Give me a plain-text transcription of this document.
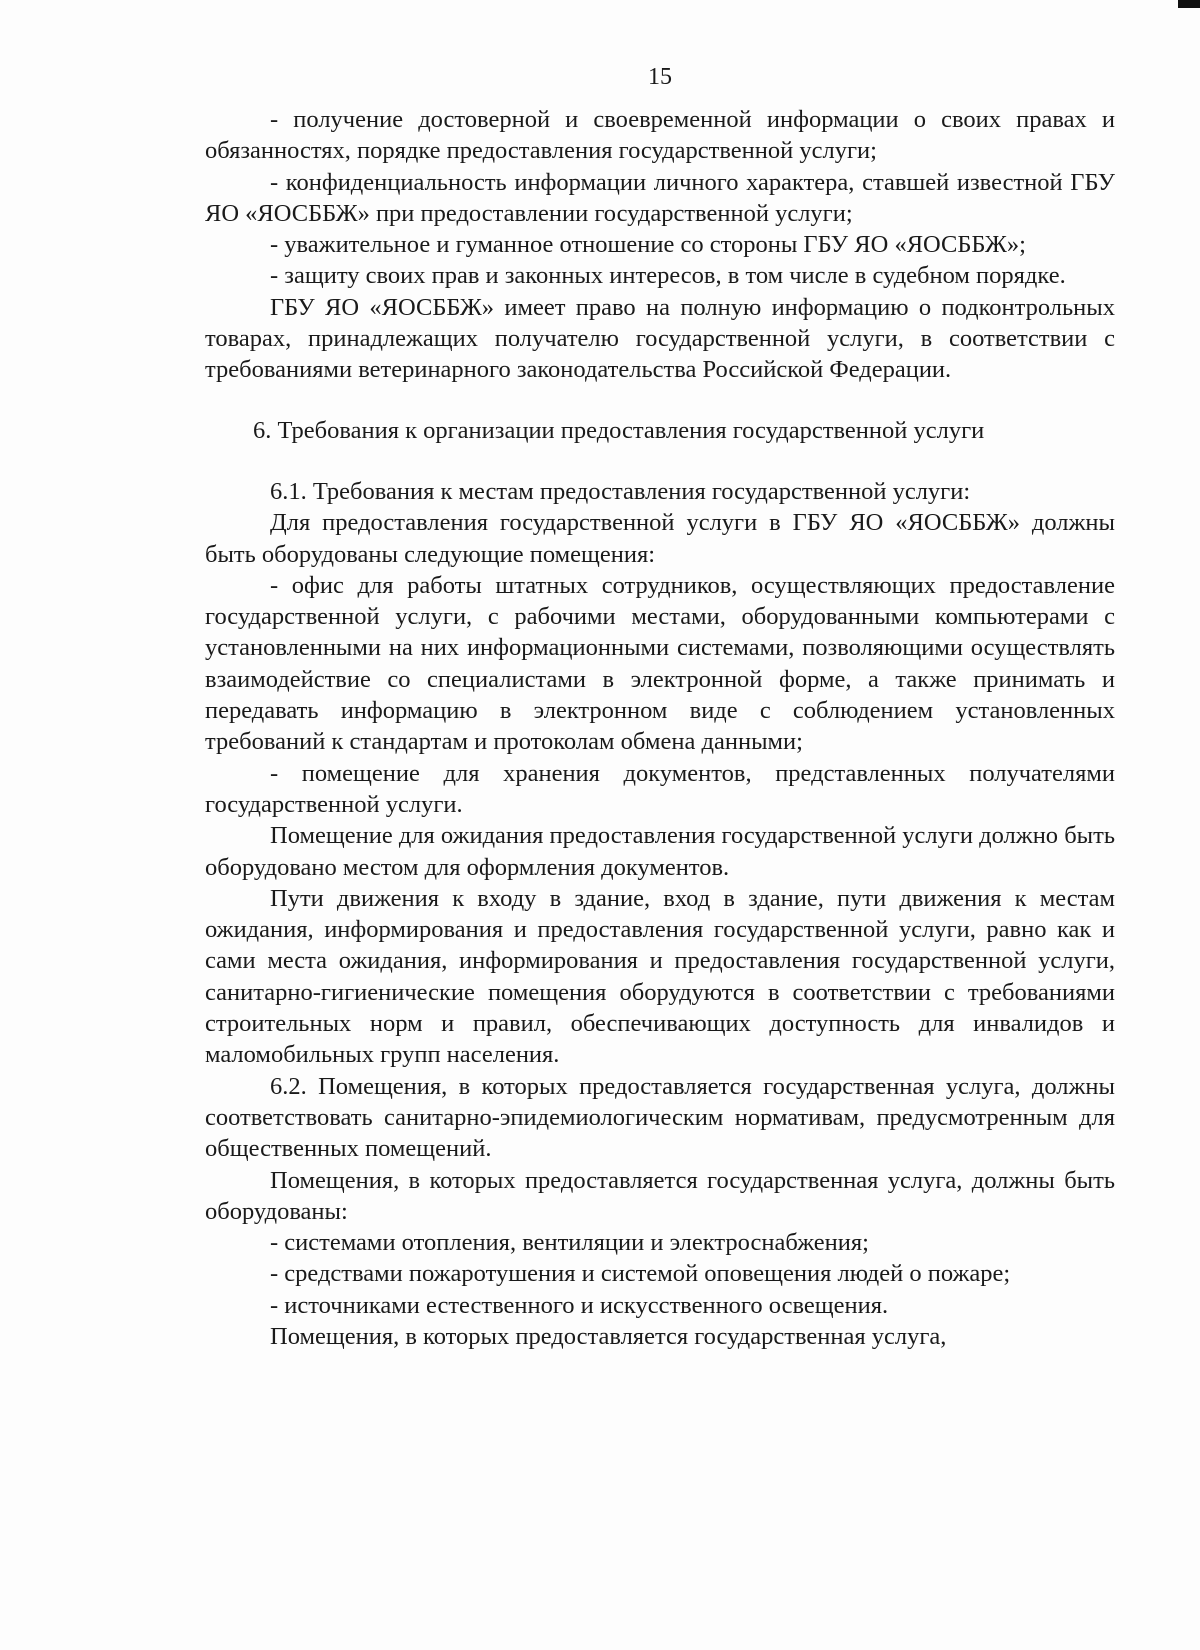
15

- получение достоверной и своевременной информации о своих правах и обязанностях, порядке предоставления государственной услуги;

- конфиденциальность информации личного характера, ставшей известной ГБУ ЯО «ЯОСББЖ» при предоставлении государственной услуги;

- уважительное и гуманное отношение со стороны ГБУ ЯО «ЯОСББЖ»;

- защиту своих прав и законных интересов, в том числе в судебном порядке.

ГБУ ЯО «ЯОСББЖ» имеет право на полную информацию о подконтрольных товарах, принадлежащих получателю государственной услуги, в соответствии с требованиями ветеринарного законодательства Российской Федерации.

6. Требования к организации предоставления государственной услуги

6.1. Требования к местам предоставления государственной услуги:

Для предоставления государственной услуги в ГБУ ЯО «ЯОСББЖ» должны быть оборудованы следующие помещения:

- офис для работы штатных сотрудников, осуществляющих предоставление государственной услуги, с рабочими местами, оборудованными компьютерами с установленными на них информационными системами, позволяющими осуществлять взаимодействие со специалистами в электронной форме, а также принимать и передавать информацию в электронном виде с соблюдением установленных требований к стандартам и протоколам обмена данными;

- помещение для хранения документов, представленных получателями государственной услуги.

Помещение для ожидания предоставления государственной услуги должно быть оборудовано местом для оформления документов.

Пути движения к входу в здание, вход в здание, пути движения к местам ожидания, информирования и предоставления государственной услуги, равно как и сами места ожидания, информирования и предоставления государственной услуги, санитарно-гигиенические помещения оборудуются в соответствии с требованиями строительных норм и правил, обеспечивающих доступность для инвалидов и маломобильных групп населения.

6.2. Помещения, в которых предоставляется государственная услуга, должны соответствовать санитарно-эпидемиологическим нормативам, предусмотренным для общественных помещений.

Помещения, в которых предоставляется государственная услуга, должны быть оборудованы:

- системами отопления, вентиляции и электроснабжения;

- средствами пожаротушения и системой оповещения людей о пожаре;

- источниками естественного и искусственного освещения.

Помещения, в которых предоставляется государственная услуга,
